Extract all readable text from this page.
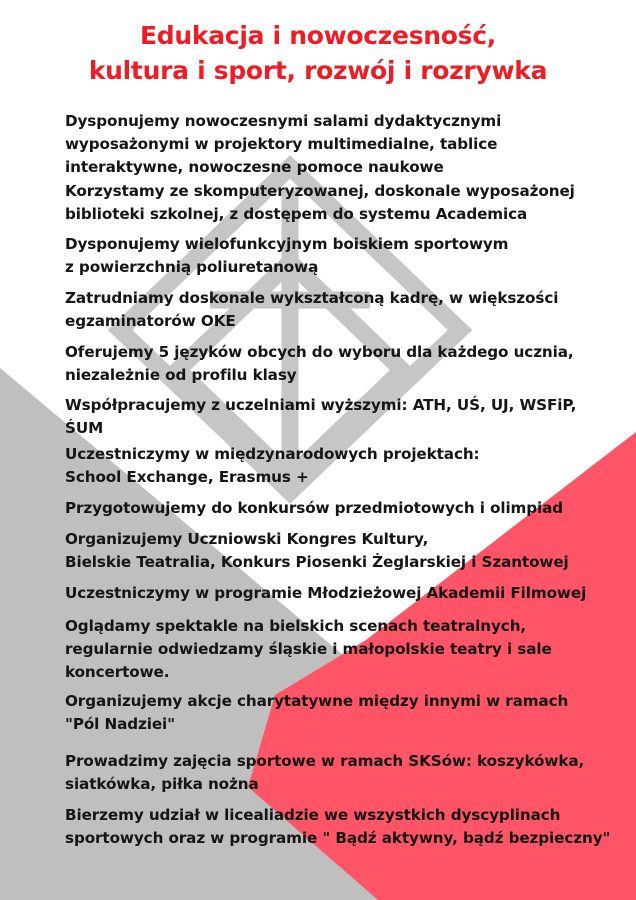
Edukacja i nowoczesność,
kultura i sport, rozwój i rozrywka
Dysponujemy nowoczesnymi salami dydaktycznymi
wyposażonymi w projektory multimedialne, tablice
interaktywne, nowoczesne pomoce naukowe
Korzystamy ze skomputeryzowanej, doskonale wyposażonej
biblioteki szkolnej, z dostępem do systemu Academica
Dysponujemy wielofunkcyjnym boiskiem sportowym
z powierzchnią poliuretanową
Zatrudniamy doskonale wykształconą kadrę, w większości
egzaminatorów OKE
Oferujemy 5 języków obcych do wyboru dla każdego ucznia,
niezależnie od profilu klasy
Współpracujemy z uczelniami wyższymi: ATH, UŚ, UJ, WSFiP,
ŚUM
Uczestniczymy w międzynarodowych projektach:
School Exchange, Erasmus +
Przygotowujemy do konkursów przedmiotowych i olimpiad
Organizujemy Uczniowski Kongres Kultury,
Bielskie Teatralia, Konkurs Piosenki Żeglarskiej i Szantowej
Uczestniczymy w programie Młodzieżowej Akademii Filmowej
Oglądamy spektakle na bielskich scenach teatralnych,
regularnie odwiedzamy śląskie i małopolskie teatry i sale
koncertowe.
Organizujemy akcje charytatywne między innymi w ramach
"Pól Nadziei"
Prowadzimy zajęcia sportowe w ramach SKSów: koszykówka,
siatkówka, piłka nożna
Bierzemy udział w licealiadzie we wszystkich dyscyplinach
sportowych oraz w programie " Bądź aktywny, bądź bezpieczny"
